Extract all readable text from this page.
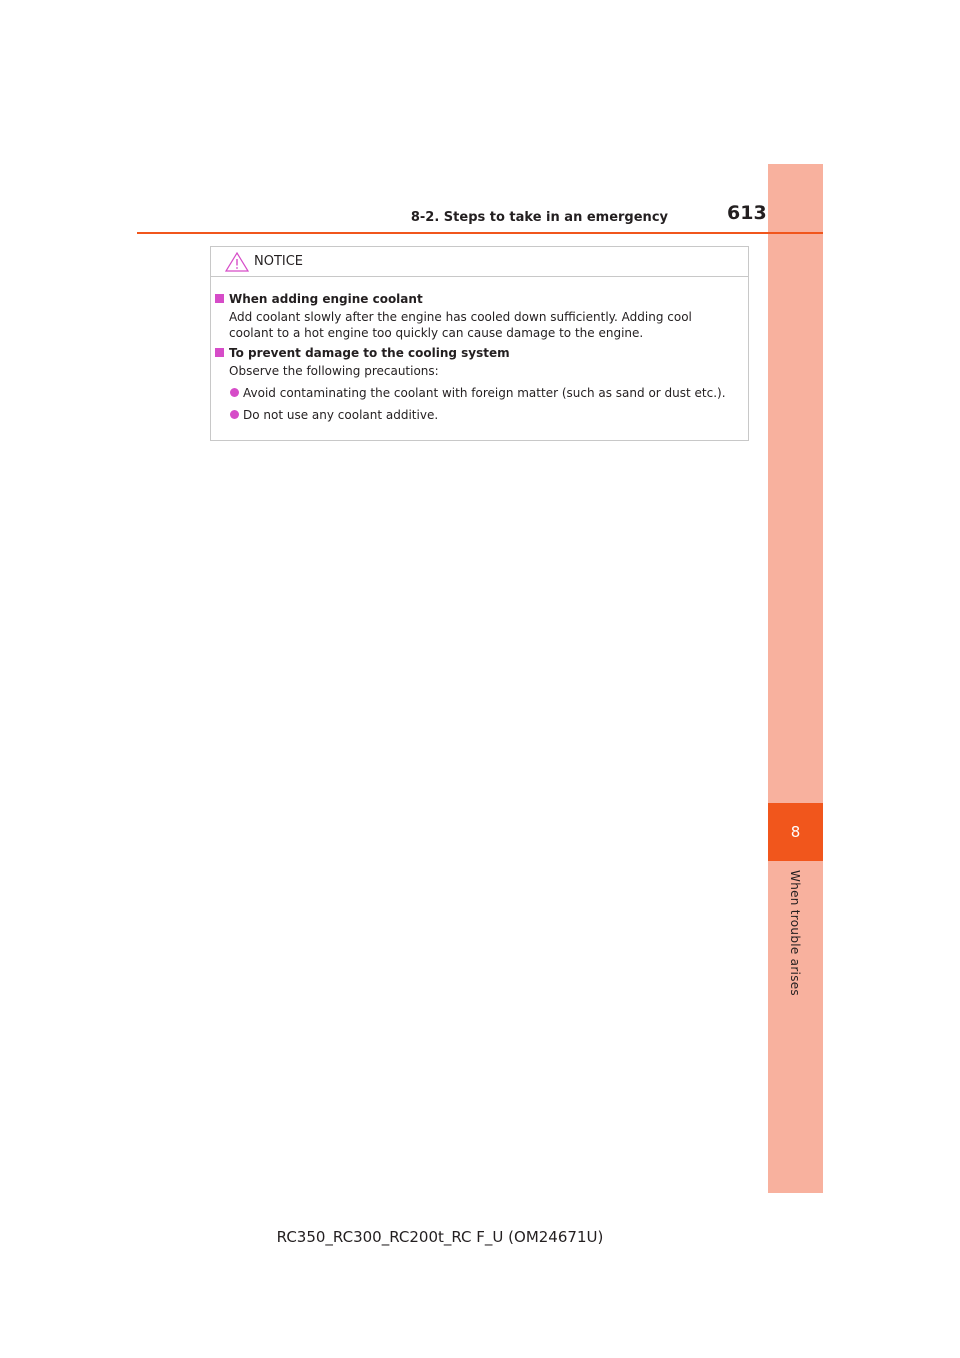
8
When trouble arises
8-2. Steps to take in an emergency	613
NOTICE
When adding engine coolant
Add coolant slowly after the engine has cooled down sufficiently. Adding cool coolant to a hot engine too quickly can cause damage to the engine.
To prevent damage to the cooling system
Observe the following precautions:
Avoid contaminating the coolant with foreign matter (such as sand or dust etc.).
Do not use any coolant additive.
RC350_RC300_RC200t_RC F_U (OM24671U)
